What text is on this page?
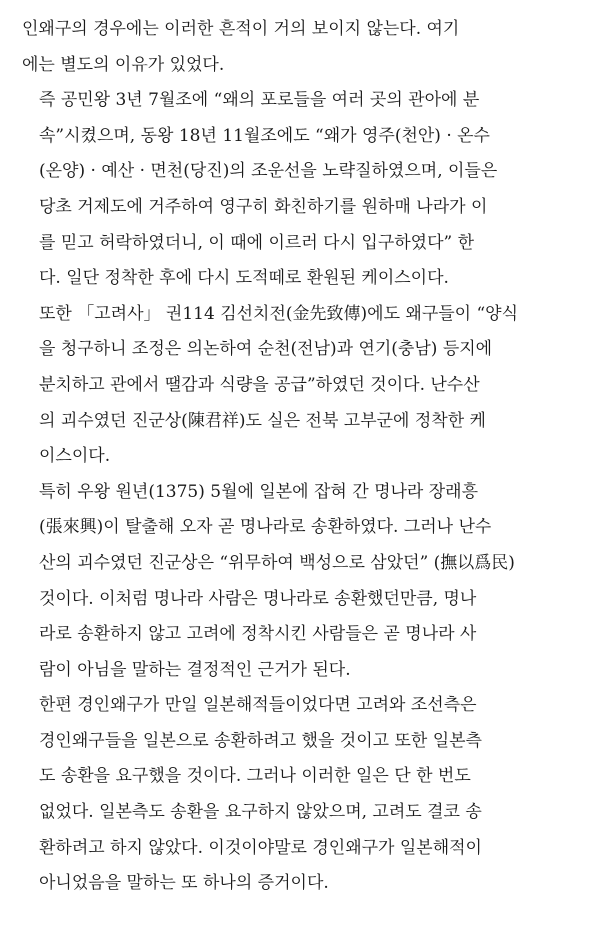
인왜구의 경우에는 이러한 흔적이 거의 보이지 않는다. 여기
에는 별도의 이유가 있었다.

즉 공민왕 3년 7월조에 “왜의 포로들을 여러 곳의 관아에 분
속”시켰으며, 동왕 18년 11월조에도 “왜가 영주(천안) · 온수
(온양) · 예산 · 면천(당진)의 조운선을 노략질하였으며, 이들은
당초 거제도에 거주하여 영구히 화친하기를 원하매 나라가 이
를 믿고 허락하였더니, 이 때에 이르러 다시 입구하였다” 한
다. 일단 정착한 후에 다시 도적떼로 환원된 케이스이다.

또한 「고려사」 권114 김선치전(金先致傳)에도 왜구들이 “양식
을 청구하니 조정은 의논하여 순천(전남)과 연기(충남) 등지에
분치하고 관에서 땔감과 식량을 공급”하였던 것이다. 난수산
의 괴수였던 진군상(陳君祥)도 실은 전북 고부군에 정착한 케
이스이다.

특히 우왕 원년(1375) 5월에 일본에 잡혀 간 명나라 장래흥
(張來興)이 탈출해 오자 곧 명나라로 송환하였다. 그러나 난수
산의 괴수였던 진군상은 “위무하여 백성으로 삼았던” (撫以爲民)
것이다. 이처럼 명나라 사람은 명나라로 송환했던만큼, 명나
라로 송환하지 않고 고려에 정착시킨 사람들은 곧 명나라 사
람이 아님을 말하는 결정적인 근거가 된다.

한편 경인왜구가 만일 일본해적들이었다면 고려와 조선측은
경인왜구들을 일본으로 송환하려고 했을 것이고 또한 일본측
도 송환을 요구했을 것이다. 그러나 이러한 일은 단 한 번도
없었다. 일본측도 송환을 요구하지 않았으며, 고려도 결코 송
환하려고 하지 않았다. 이것이야말로 경인왜구가 일본해적이
아니었음을 말하는 또 하나의 증거이다.
